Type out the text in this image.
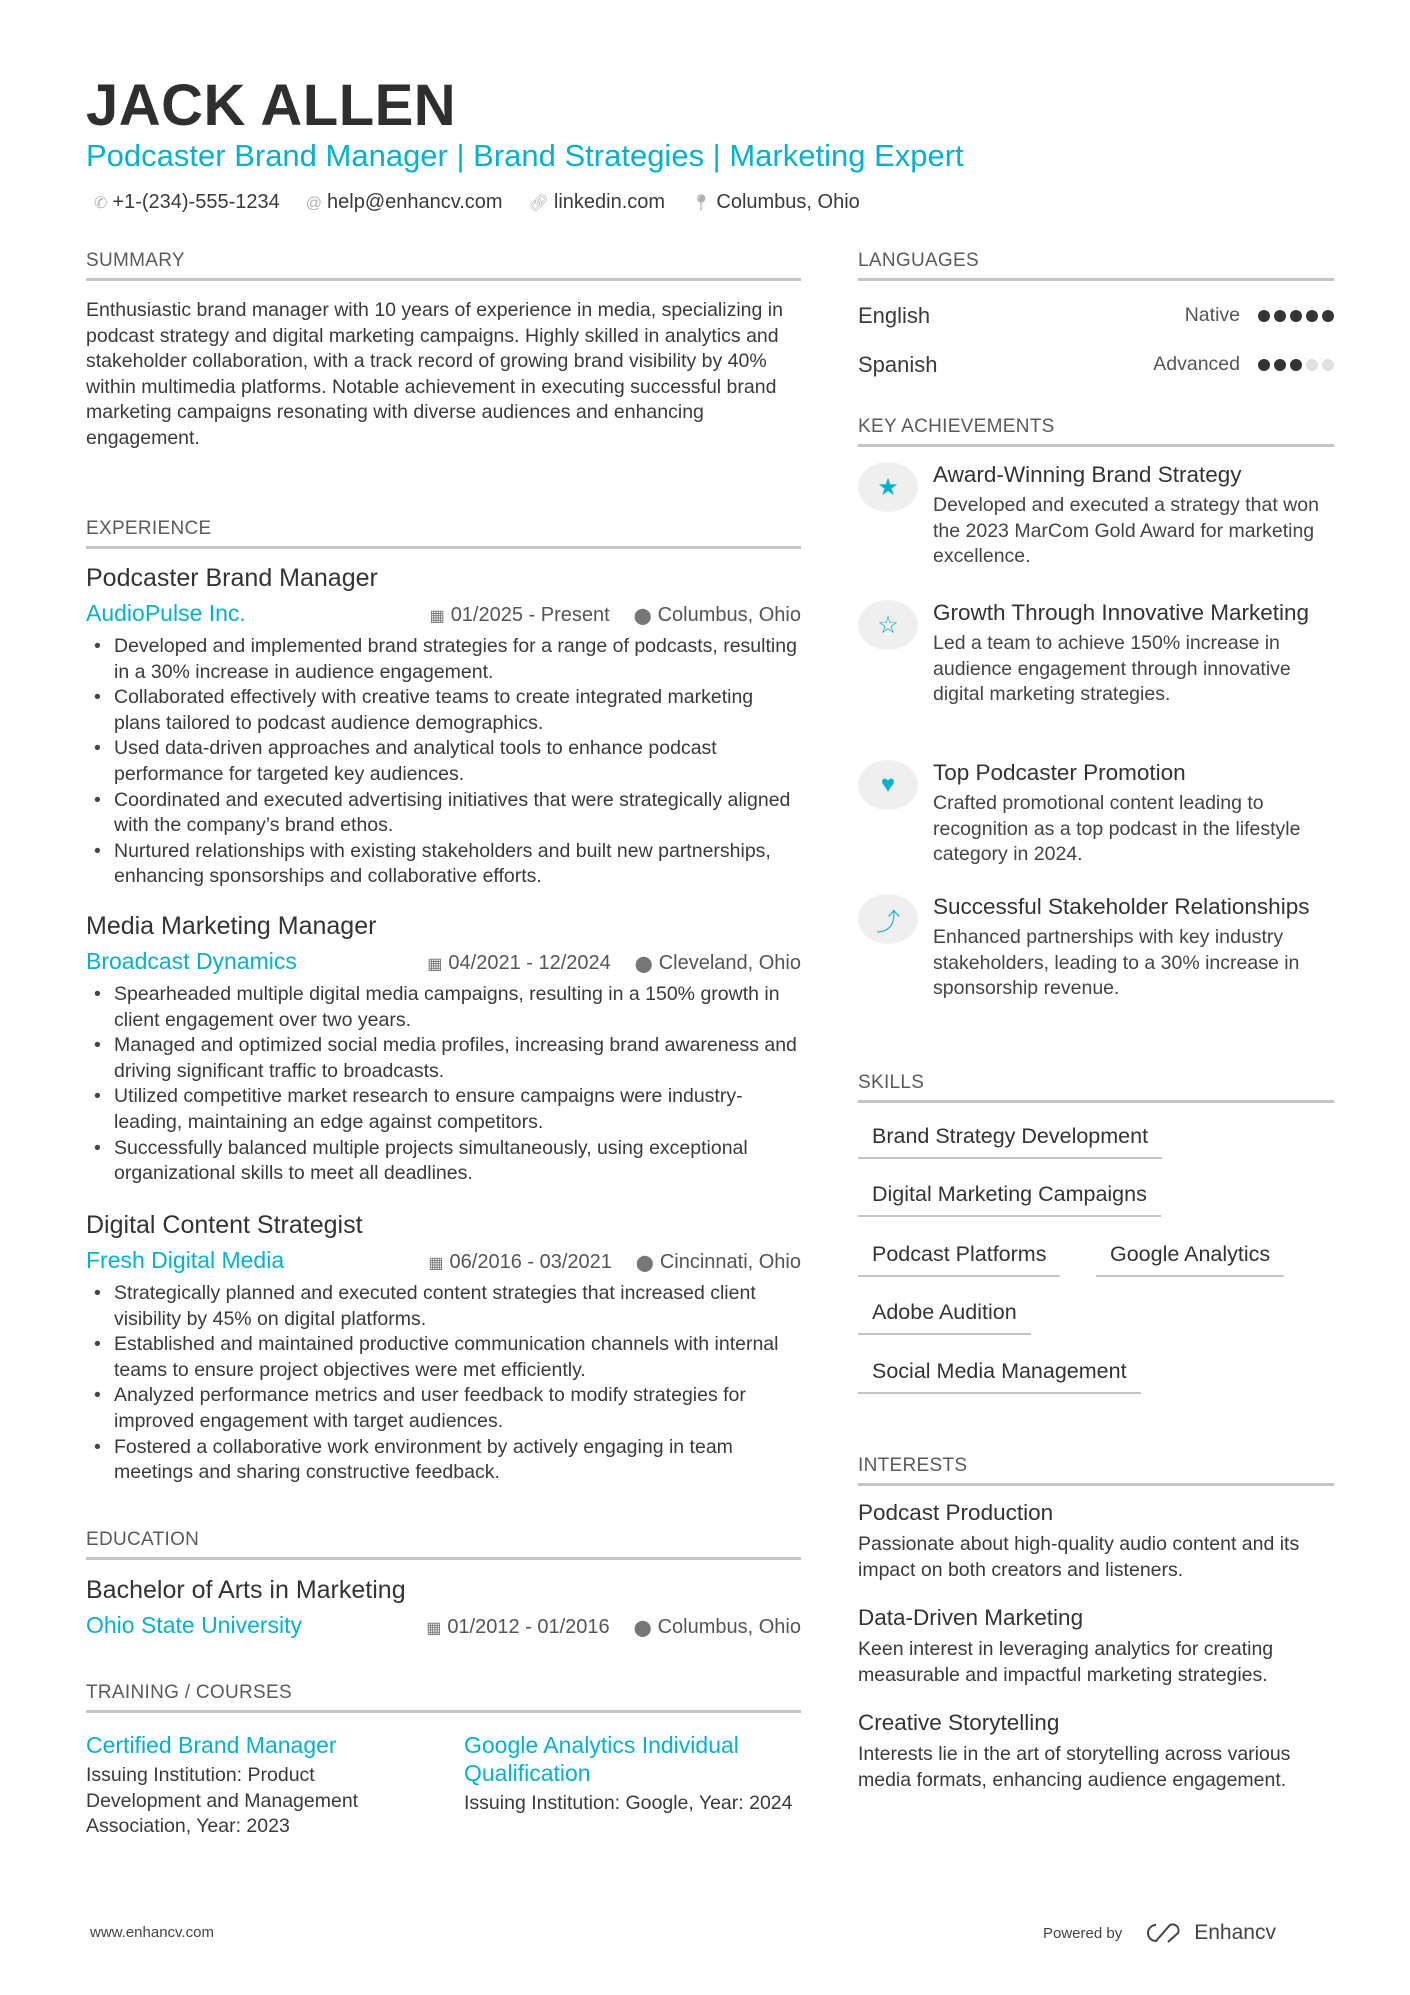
JACK ALLEN
Podcaster Brand Manager | Brand Strategies | Marketing Expert
✆ +1-(234)-555-1234 @ help@enhancv.com 🔗︎ linkedin.com 📍︎ Columbus, Ohio
SUMMARY
Enthusiastic brand manager with 10 years of experience in media, specializing in podcast strategy and digital marketing campaigns. Highly skilled in analytics and stakeholder collaboration, with a track record of growing brand visibility by 40% within multimedia platforms. Notable achievement in executing successful brand marketing campaigns resonating with diverse audiences and enhancing engagement.
EXPERIENCE
Podcaster Brand Manager
AudioPulse Inc.	▦ 01/2025 - Present ⬤ Columbus, Ohio
• Developed and implemented brand strategies for a range of podcasts, resulting in a 30% increase in audience engagement.
• Collaborated effectively with creative teams to create integrated marketing plans tailored to podcast audience demographics.
• Used data-driven approaches and analytical tools to enhance podcast performance for targeted key audiences.
• Coordinated and executed advertising initiatives that were strategically aligned with the company’s brand ethos.
• Nurtured relationships with existing stakeholders and built new partnerships, enhancing sponsorships and collaborative efforts.
Media Marketing Manager
Broadcast Dynamics	▦ 04/2021 - 12/2024 ⬤ Cleveland, Ohio
• Spearheaded multiple digital media campaigns, resulting in a 150% growth in client engagement over two years.
• Managed and optimized social media profiles, increasing brand awareness and driving significant traffic to broadcasts.
• Utilized competitive market research to ensure campaigns were industry-leading, maintaining an edge against competitors.
• Successfully balanced multiple projects simultaneously, using exceptional organizational skills to meet all deadlines.
Digital Content Strategist
Fresh Digital Media	▦ 06/2016 - 03/2021 ⬤ Cincinnati, Ohio
• Strategically planned and executed content strategies that increased client visibility by 45% on digital platforms.
• Established and maintained productive communication channels with internal teams to ensure project objectives were met efficiently.
• Analyzed performance metrics and user feedback to modify strategies for improved engagement with target audiences.
• Fostered a collaborative work environment by actively engaging in team meetings and sharing constructive feedback.
EDUCATION
Bachelor of Arts in Marketing
Ohio State University	▦ 01/2012 - 01/2016 ⬤ Columbus, Ohio
TRAINING / COURSES
Certified Brand Manager
Issuing Institution: Product Development and Management Association, Year: 2023
Google Analytics Individual Qualification
Issuing Institution: Google, Year: 2024
LANGUAGES
English	Native
Spanish	Advanced
KEY ACHIEVEMENTS
★	Award-Winning Brand Strategy
Developed and executed a strategy that won the 2023 MarCom Gold Award for marketing excellence.
☆	Growth Through Innovative Marketing
Led a team to achieve 150% increase in audience engagement through innovative digital marketing strategies.
♥	Top Podcaster Promotion
Crafted promotional content leading to recognition as a top podcast in the lifestyle category in 2024.
⤴
Successful Stakeholder Relationships
Enhanced partnerships with key industry stakeholders, leading to a 30% increase in sponsorship revenue.
SKILLS
Brand Strategy Development
Digital Marketing Campaigns
Podcast Platforms	Google Analytics
Adobe Audition
Social Media Management
INTERESTS
Podcast Production
Passionate about high-quality audio content and its impact on both creators and listeners.
Data-Driven Marketing
Keen interest in leveraging analytics for creating measurable and impactful marketing strategies.
Creative Storytelling
Interests lie in the art of storytelling across various media formats, enhancing audience engagement.
www.enhancv.com	Powered by	Enhancv
